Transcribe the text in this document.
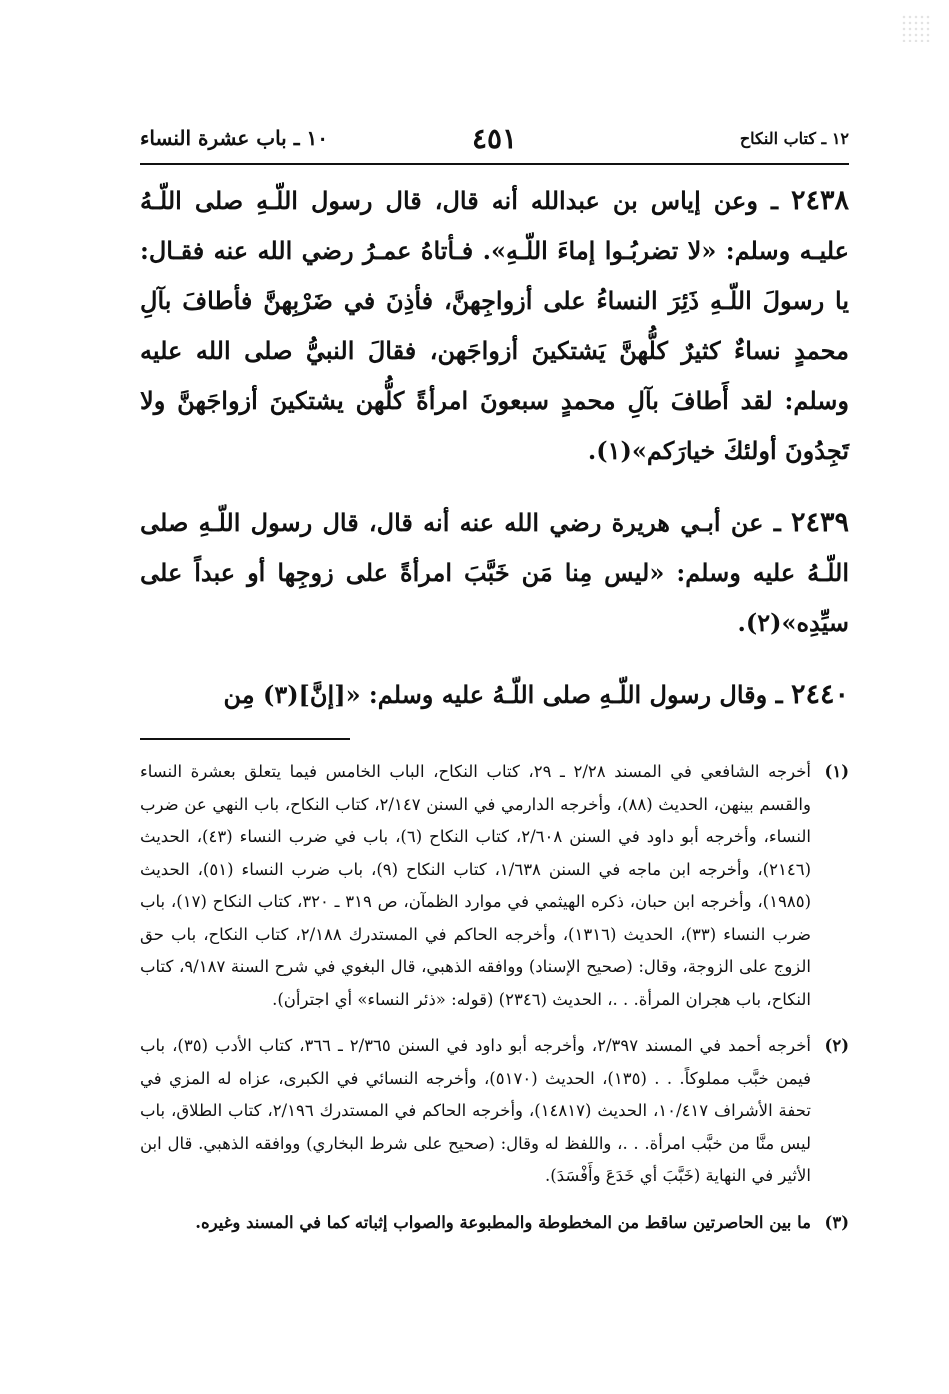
١٢ ـ كتاب النكاح
٤٥١
١٠ ـ باب عشرة النساء

٢٤٣٨ ـ وعن إياس بن عبدالله أنه قال، قال رسول اللّـهِ صلى اللّـهُ عليـه وسلم: «لا تضربُـوا إماءَ اللّـهِ». فـأتاهُ عمـرُ رضي الله عنه فقـال: يا رسولَ اللّـهِ ذَئِرَ النساءُ على أزواجِهنَّ، فأذِنَ في ضَرْبِهنَّ فأطافَ بآلِ محمدٍ نساءٌ كثيرٌ كلُّهنَّ يَشتكينَ أزواجَهن، فقالَ النبيُّ صلى الله عليه وسلم: لقد أَطافَ بآلِ محمدٍ سبعونَ امرأةً كلُّهن يشتكينَ أزواجَهنَّ ولا تَجِدُونَ أولئكَ خيارَكم»(١).

٢٤٣٩ ـ عن أبـي هريرة رضي الله عنه أنه قال، قال رسول اللّـهِ صلى اللّـهُ عليه وسلم: «ليس مِنا مَن خَبَّبَ امرأةً على زوجِها أو عبداً على سيِّدِه»(٢).

٢٤٤٠ ـ وقال رسول اللّـهِ صلى اللّـهُ عليه وسلم: «[إنَّ](٣) مِن

(١)
أخرجه الشافعي في المسند ٢/٢٨ ـ ٢٩، كتاب النكاح، الباب الخامس فيما يتعلق بعشرة النساء والقسم بينهن، الحديث (٨٨)، وأخرجه الدارمي في السنن ٢/١٤٧، كتاب النكاح، باب النهي عن ضرب النساء، وأخرجه أبو داود في السنن ٢/٦٠٨، كتاب النكاح (٦)، باب في ضرب النساء (٤٣)، الحديث (٢١٤٦)، وأخرجه ابن ماجه في السنن ١/٦٣٨، كتاب النكاح (٩)، باب ضرب النساء (٥١)، الحديث (١٩٨٥)، وأخرجه ابن حبان، ذكره الهيثمي في موارد الظمآن، ص ٣١٩ ـ ٣٢٠، كتاب النكاح (١٧)، باب ضرب النساء (٣٣)، الحديث (١٣١٦)، وأخرجه الحاكم في المستدرك ٢/١٨٨، كتاب النكاح، باب حق الزوج على الزوجة، وقال: (صحيح الإسناد) ووافقه الذهبي، قال البغوي في شرح السنة ٩/١٨٧، كتاب النكاح، باب هجران المرأة. . .، الحديث (٢٣٤٦) (قوله: «ذئر النساء» أي اجترأن).
(٢)
أخرجه أحمد في المسند ٢/٣٩٧، وأخرجه أبو داود في السنن ٢/٣٦٥ ـ ٣٦٦، كتاب الأدب (٣٥)، باب فيمن خبَّب مملوكاً. . . (١٣٥)، الحديث (٥١٧٠)، وأخرجه النسائي في الكبرى، عزاه له المزي في تحفة الأشراف ١٠/٤١٧، الحديث (١٤٨١٧)، وأخرجه الحاكم في المستدرك ٢/١٩٦، كتاب الطلاق، باب ليس منَّا من خبَّب امرأة. . .، واللفظ له وقال: (صحيح على شرط البخاري) ووافقه الذهبي. قال ابن الأثير في النهاية (خَبَّبَ أي خَدَعَ وأَفْسَدَ).
(٣)
ما بين الحاصرتين ساقط من المخطوطة والمطبوعة والصواب إثباته كما في المسند وغيره.
